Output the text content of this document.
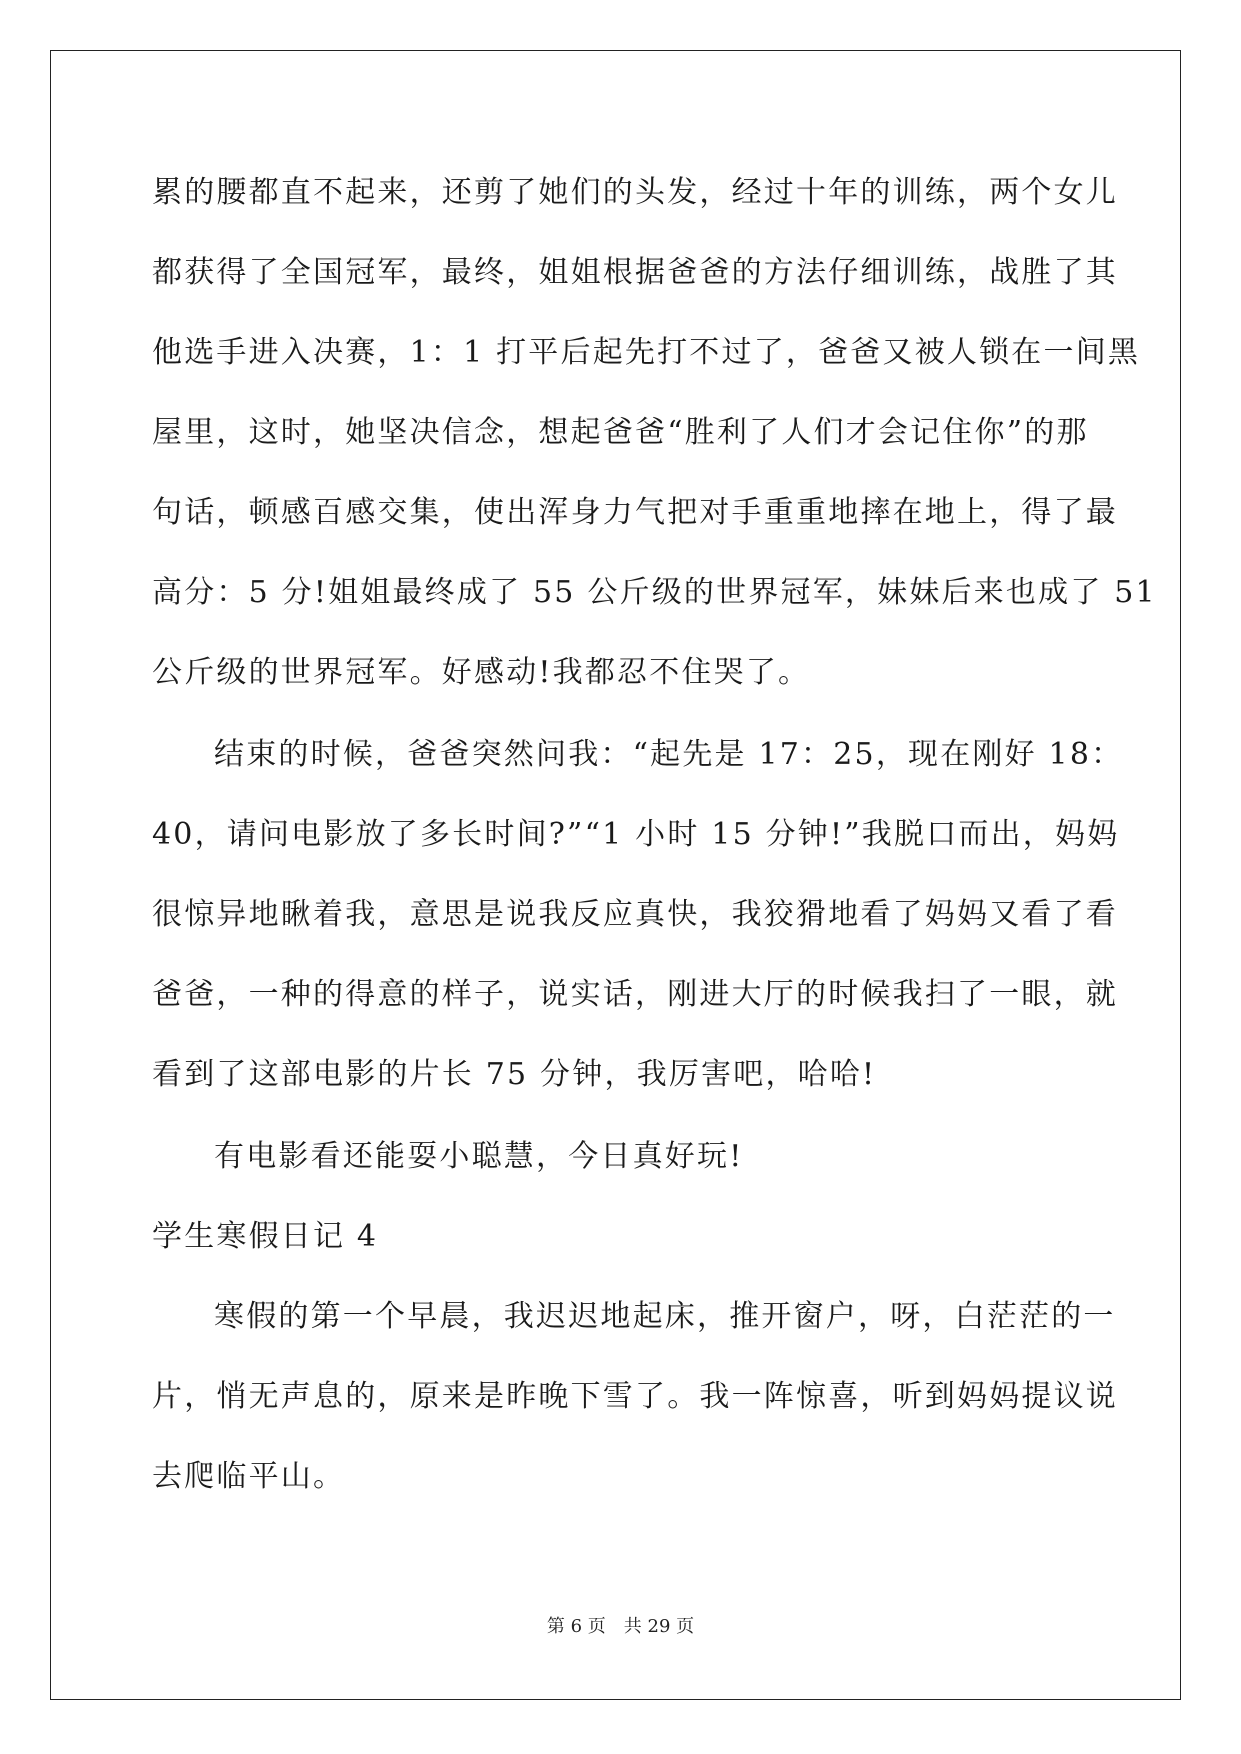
累的腰都直不起来，还剪了她们的头发，经过十年的训练，两个女儿
都获得了全国冠军，最终，姐姐根据爸爸的方法仔细训练，战胜了其
他选手进入决赛，1：1 打平后起先打不过了，爸爸又被人锁在一间黑
屋里，这时，她坚决信念，想起爸爸“胜利了人们才会记住你”的那
句话，顿感百感交集，使出浑身力气把对手重重地摔在地上，得了最
高分：5 分!姐姐最终成了 55 公斤级的世界冠军，妹妹后来也成了 51
公斤级的世界冠军。好感动!我都忍不住哭了。
结束的时候，爸爸突然问我：“起先是 17：25，现在刚好 18：
40，请问电影放了多长时间?”“1 小时 15 分钟!”我脱口而出，妈妈
很惊异地瞅着我，意思是说我反应真快，我狡猾地看了妈妈又看了看
爸爸，一种的得意的样子，说实话，刚进大厅的时候我扫了一眼，就
看到了这部电影的片长 75 分钟，我厉害吧，哈哈!
有电影看还能耍小聪慧，今日真好玩!
学生寒假日记 4
寒假的第一个早晨，我迟迟地起床，推开窗户，呀，白茫茫的一
片，悄无声息的，原来是昨晚下雪了。我一阵惊喜，听到妈妈提议说
去爬临平山。
第 6 页 共 29 页
